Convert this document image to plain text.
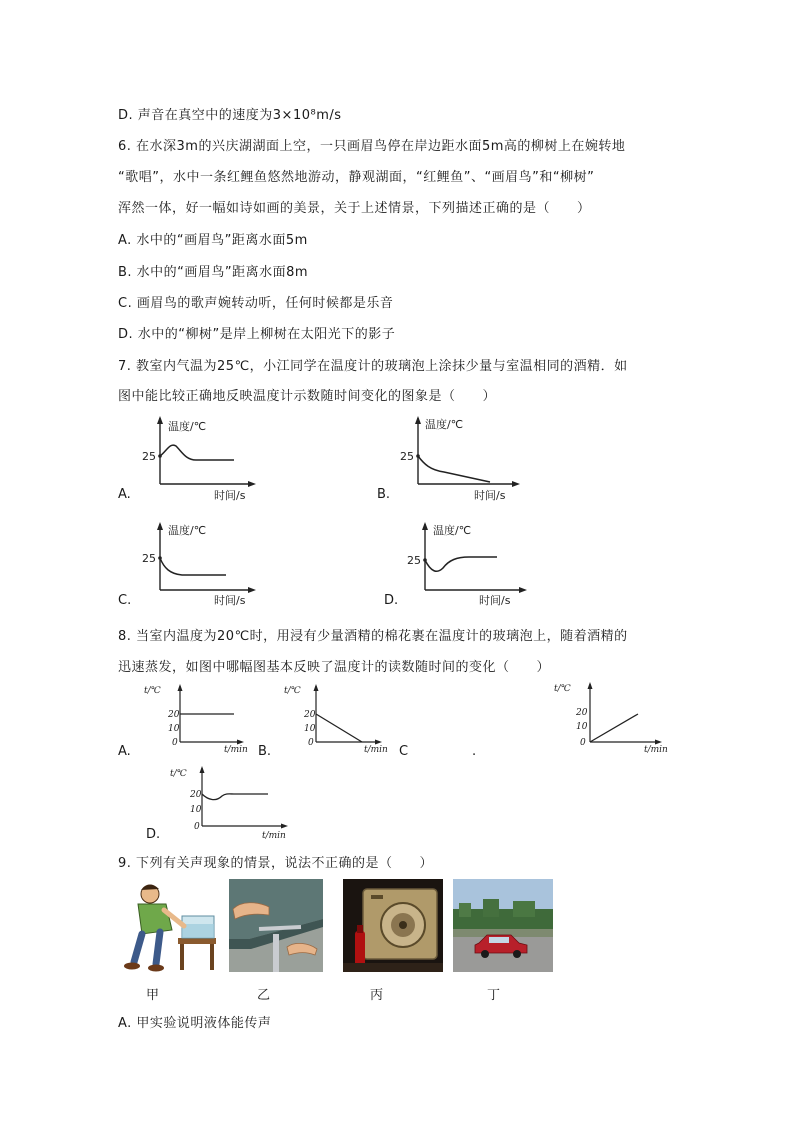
D. 声音在真空中的速度为3×10⁸m/s
6. 在水深3m的兴庆湖湖面上空，一只画眉鸟停在岸边距水面5m高的柳树上在婉转地
“歌唱”，水中一条红鲤鱼悠然地游动，静观湖面，“红鲤鱼”、“画眉鸟”和“柳树”
浑然一体，好一幅如诗如画的美景，关于上述情景，下列描述正确的是（　　）
A. 水中的“画眉鸟”距离水面5m
B. 水中的“画眉鸟”距离水面8m
C. 画眉鸟的歌声婉转动听，任何时候都是乐音
D. 水中的“柳树”是岸上柳树在太阳光下的影子
7. 教室内气温为25℃，小江同学在温度计的玻璃泡上涂抹少量与室温相同的酒精．如
图中能比较正确地反映温度计示数随时间变化的图象是（　　）
温度/℃
25
时间/s
A.
温度/℃
25
时间/s
B.
温度/℃
25
时间/s
C.
温度/℃
25
时间/s
D.
8. 当室内温度为20℃时，用浸有少量酒精的棉花裹在温度计的玻璃泡上，随着酒精的
迅速蒸发，如图中哪幅图基本反映了温度计的读数随时间的变化（　　）
t/℃
20
10
0
t/min
A.
t/℃
20
10
0
t/min
B.	C	.
t/℃
20
10
0
t/min
t/℃
20
10
0
t/min
D.
9. 下列有关声现象的情景，说法不正确的是（　　）
甲	乙	丙	丁
A. 甲实验说明液体能传声
